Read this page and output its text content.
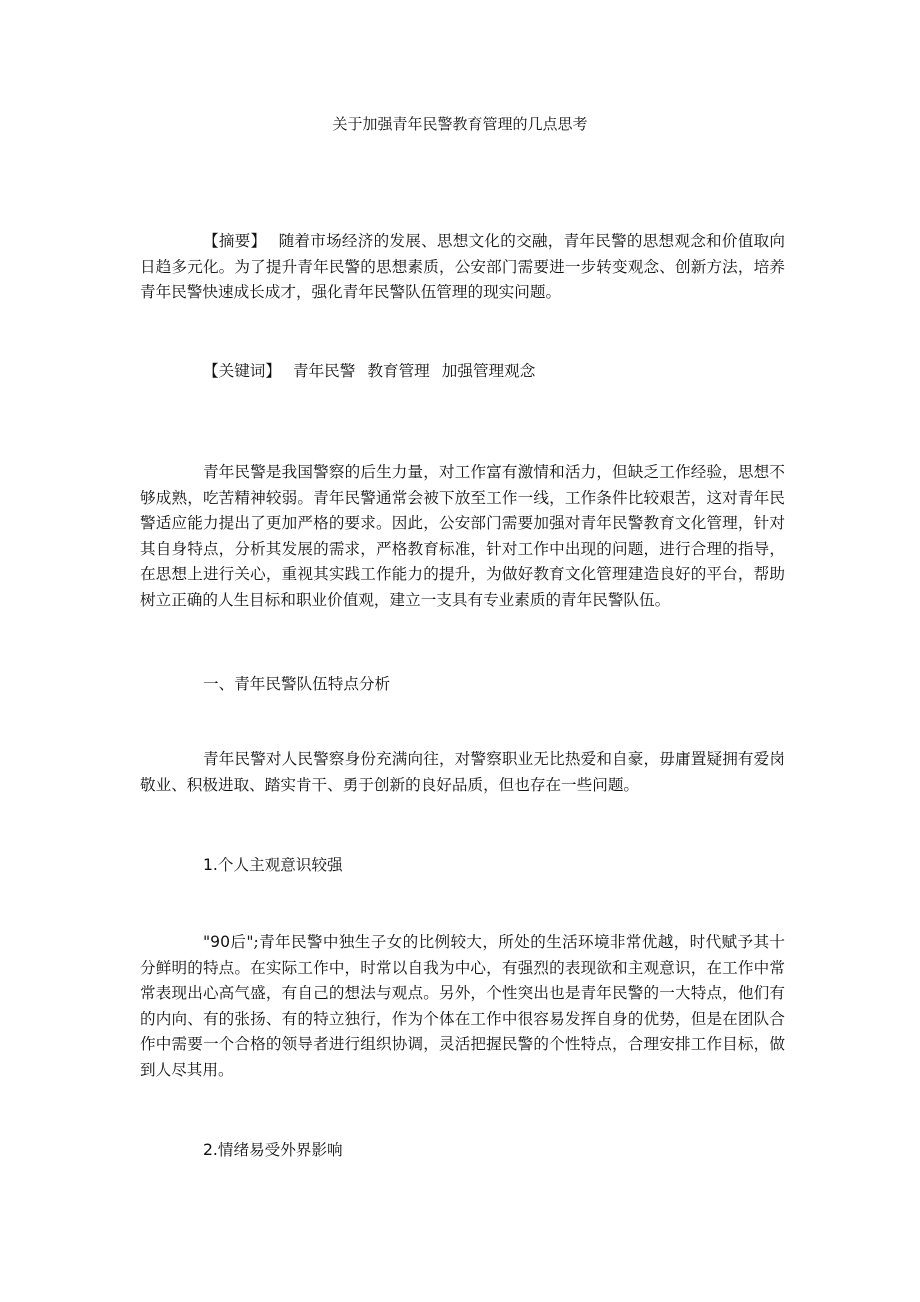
关于加强青年民警教育管理的几点思考
【摘要】 随着市场经济的发展、思想文化的交融，青年民警的思想观念和价值取向日趋多元化。为了提升青年民警的思想素质，公安部门需要进一步转变观念、创新方法，培养青年民警快速成长成才，强化青年民警队伍管理的现实问题。
【关键词】 青年民警 教育管理 加强管理观念
青年民警是我国警察的后生力量，对工作富有激情和活力，但缺乏工作经验，思想不够成熟，吃苦精神较弱。青年民警通常会被下放至工作一线，工作条件比较艰苦，这对青年民警适应能力提出了更加严格的要求。因此，公安部门需要加强对青年民警教育文化管理，针对其自身特点，分析其发展的需求，严格教育标准，针对工作中出现的问题，进行合理的指导，在思想上进行关心，重视其实践工作能力的提升，为做好教育文化管理建造良好的平台，帮助树立正确的人生目标和职业价值观，建立一支具有专业素质的青年民警队伍。
一、青年民警队伍特点分析
青年民警对人民警察身份充满向往，对警察职业无比热爱和自豪，毋庸置疑拥有爱岗敬业、积极进取、踏实肯干、勇于创新的良好品质，但也存在一些问题。
1.个人主观意识较强
"90后";青年民警中独生子女的比例较大，所处的生活环境非常优越，时代赋予其十分鲜明的特点。在实际工作中，时常以自我为中心，有强烈的表现欲和主观意识，在工作中常常表现出心高气盛，有自己的想法与观点。另外，个性突出也是青年民警的一大特点，他们有的内向、有的张扬、有的特立独行，作为个体在工作中很容易发挥自身的优势，但是在团队合作中需要一个合格的领导者进行组织协调，灵活把握民警的个性特点，合理安排工作目标，做到人尽其用。
2.情绪易受外界影响
